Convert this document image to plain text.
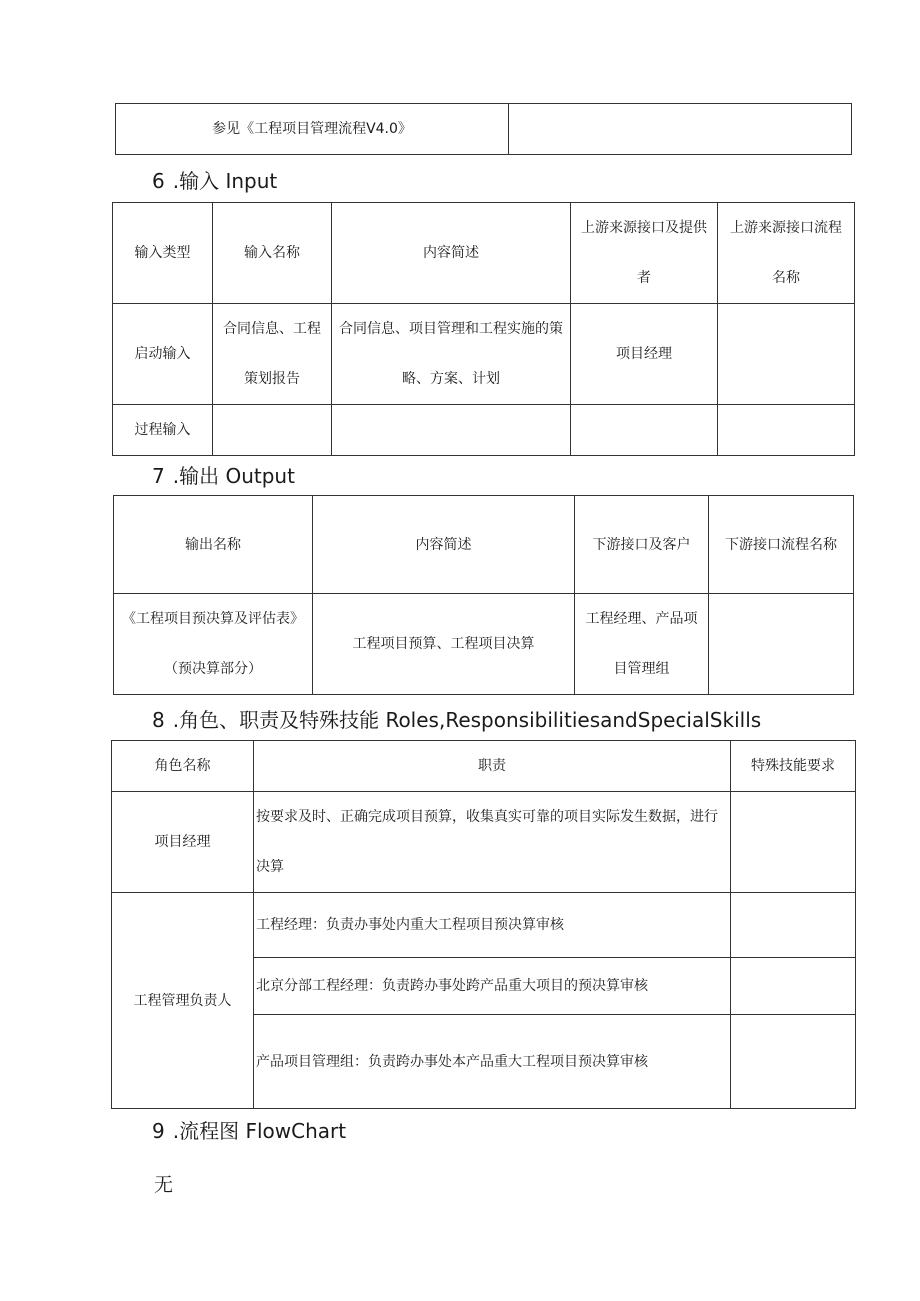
参见《工程项目管理流程V4.0》	
6 .输入 Input
输入类型	输入名称	内容简述	上游来源接口及提供者	上游来源接口流程名称
启动输入	合同信息、工程策划报告	合同信息、项目管理和工程实施的策略、方案、计划	项目经理	
过程输入				
7 .输出 Output
输出名称	内容简述	下游接口及客户	下游接口流程名称
《工程项目预决算及评估表》（预决算部分）	工程项目预算、工程项目决算	工程经理、产品项目管理组	
8 .角色、职责及特殊技能 Roles,ResponsibilitiesandSpecialSkills
角色名称	职责	特殊技能要求
项目经理	按要求及时、正确完成项目预算，收集真实可靠的项目实际发生数据，进行决算	
工程管理负责人	工程经理：负责办事处内重大工程项目预决算审核	
	北京分部工程经理：负责跨办事处跨产品重大项目的预决算审核	
	产品项目管理组：负责跨办事处本产品重大工程项目预决算审核	
9 .流程图 FlowChart
无
